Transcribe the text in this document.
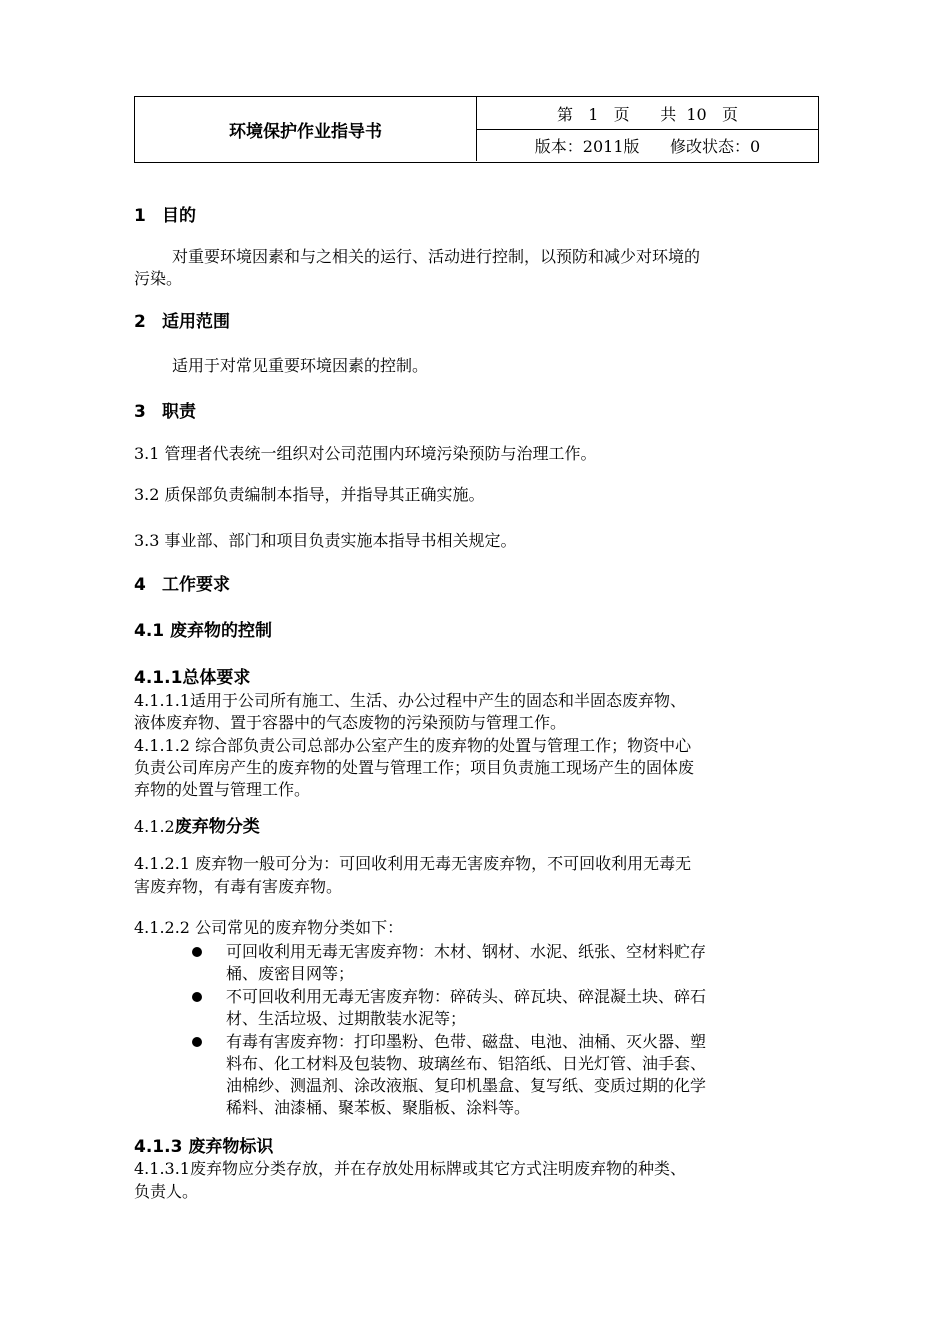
环境保护作业指导书
第   1   页      共  10   页
版本：2011版      修改状态：0
1 目的
对重要环境因素和与之相关的运行、活动进行控制，以预防和减少对环境的
污染。
2 适用范围
适用于对常见重要环境因素的控制。
3 职责
3.1 管理者代表统一组织对公司范围内环境污染预防与治理工作。
3.2 质保部负责编制本指导，并指导其正确实施。
3.3 事业部、部门和项目负责实施本指导书相关规定。
4 工作要求
4.1 废弃物的控制
4.1.1总体要求
4.1.1.1适用于公司所有施工、生活、办公过程中产生的固态和半固态废弃物、
液体废弃物、置于容器中的气态废物的污染预防与管理工作。
4.1.1.2 综合部负责公司总部办公室产生的废弃物的处置与管理工作；物资中心
负责公司库房产生的废弃物的处置与管理工作；项目负责施工现场产生的固体废
弃物的处置与管理工作。
4.1.2废弃物分类
4.1.2.1 废弃物一般可分为：可回收利用无毒无害废弃物，不可回收利用无毒无
害废弃物，有毒有害废弃物。
4.1.2.2 公司常见的废弃物分类如下：
可回收利用无毒无害废弃物：木材、钢材、水泥、纸张、空材料贮存
桶、废密目网等；
不可回收利用无毒无害废弃物：碎砖头、碎瓦块、碎混凝土块、碎石
材、生活垃圾、过期散装水泥等；
有毒有害废弃物：打印墨粉、色带、磁盘、电池、油桶、灭火器、塑
料布、化工材料及包装物、玻璃丝布、铝箔纸、日光灯管、油手套、
油棉纱、测温剂、涂改液瓶、复印机墨盒、复写纸、变质过期的化学
稀料、油漆桶、聚苯板、聚脂板、涂料等。
4.1.3 废弃物标识
4.1.3.1废弃物应分类存放，并在存放处用标牌或其它方式注明废弃物的种类、
负责人。
